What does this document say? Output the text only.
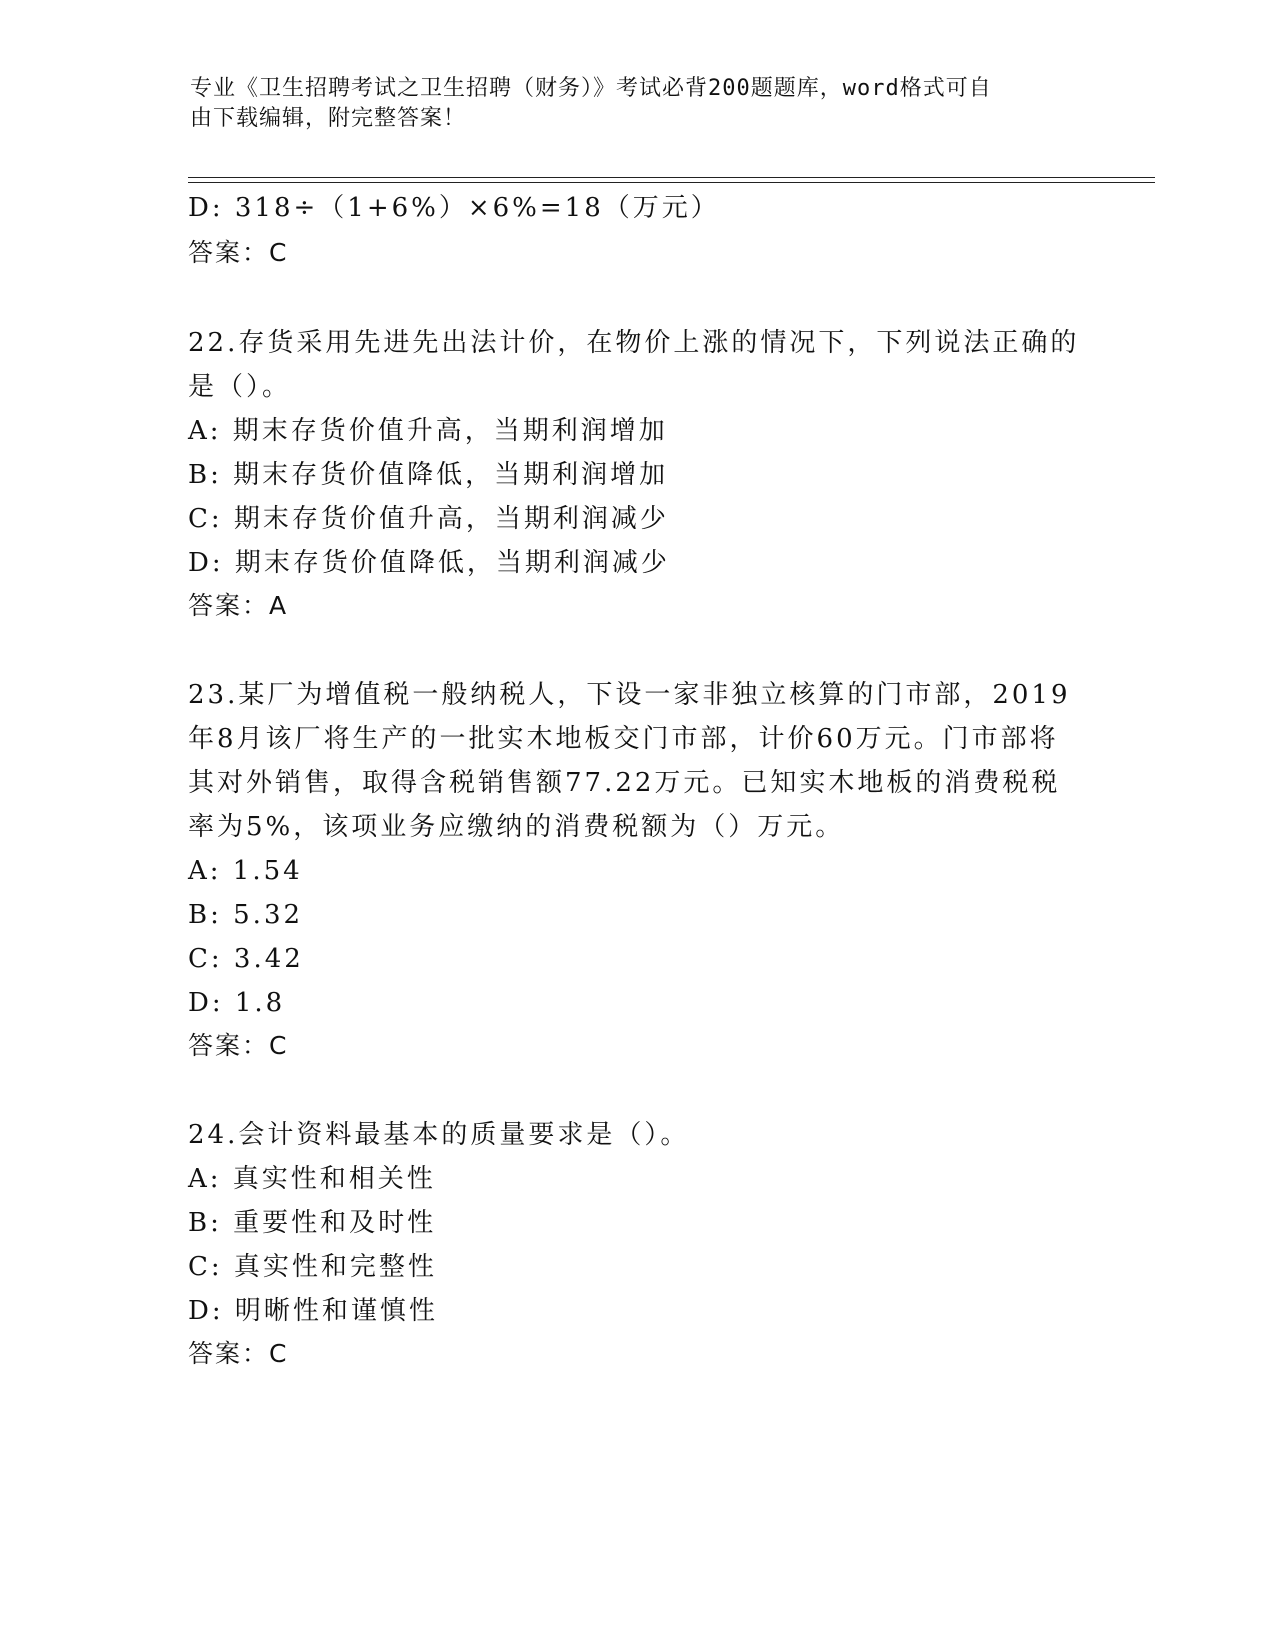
专业《卫生招聘考试之卫生招聘（财务）》考试必背200题题库，word格式可自
由下载编辑，附完整答案！
D: 318÷（1+6%）×6%=18（万元）
答案：C
22.存货采用先进先出法计价，在物价上涨的情况下，下列说法正确的
是（）。
A: 期末存货价值升高，当期利润增加
B: 期末存货价值降低，当期利润增加
C: 期末存货价值升高，当期利润减少
D: 期末存货价值降低，当期利润减少
答案：A
23.某厂为增值税一般纳税人，下设一家非独立核算的门市部，2019
年8月该厂将生产的一批实木地板交门市部，计价60万元。门市部将
其对外销售，取得含税销售额77.22万元。已知实木地板的消费税税
率为5%，该项业务应缴纳的消费税额为（）万元。
A: 1.54
B: 5.32
C: 3.42
D: 1.8
答案：C
24.会计资料最基本的质量要求是（）。
A: 真实性和相关性
B: 重要性和及时性
C: 真实性和完整性
D: 明晰性和谨慎性
答案：C
